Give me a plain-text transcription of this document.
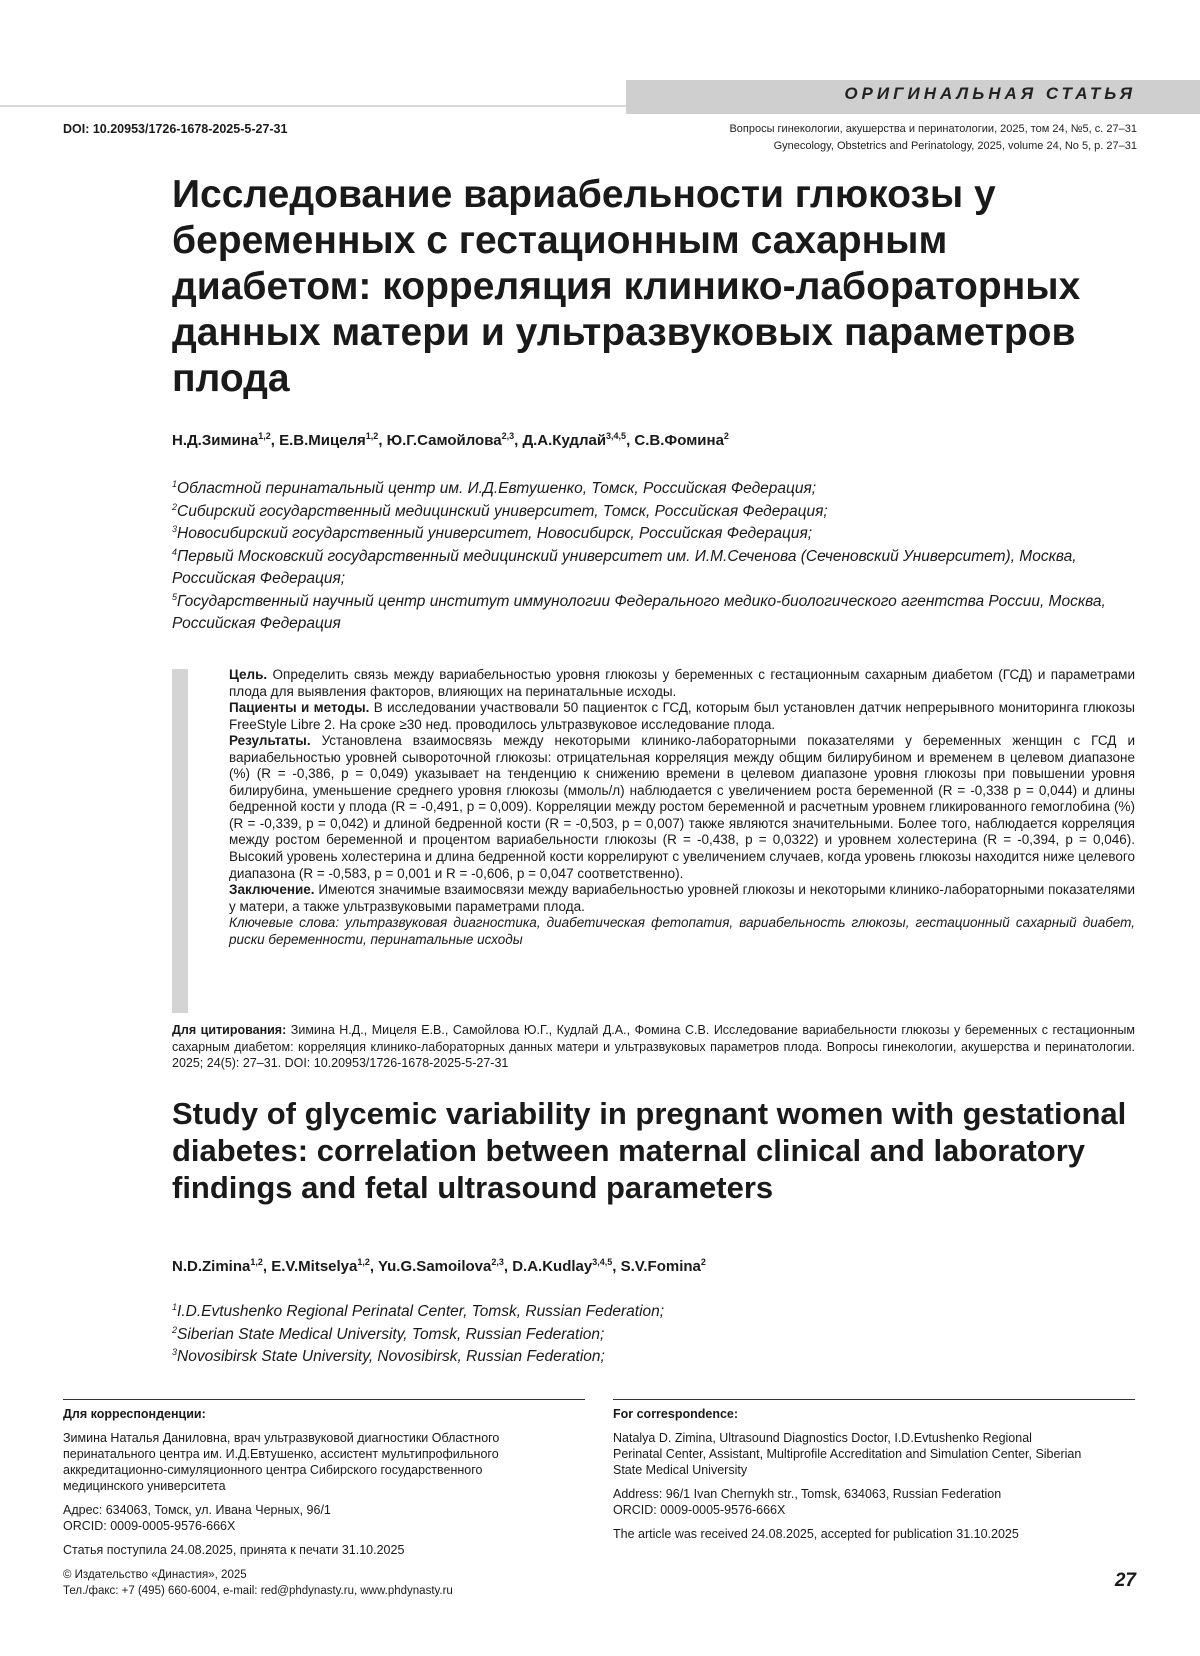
ОРИГИНАЛЬНАЯ СТАТЬЯ
DOI: 10.20953/1726-1678-2025-5-27-31	Вопросы гинекологии, акушерства и перинатологии, 2025, том 24, №5, с. 27–31
Gynecology, Obstetrics and Perinatology, 2025, volume 24, No 5, p. 27–31
Исследование вариабельности глюкозы у беременных с гестационным сахарным диабетом: корреляция клинико-лабораторных данных матери и ультразвуковых параметров плода
Н.Д.Зимина$^{1,2}$, Е.В.Мицеля$^{1,2}$, Ю.Г.Самойлова$^{2,3}$, Д.А.Кудлай$^{3,4,5}$, С.В.Фомина$^2$

$^1$Областной перинатальный центр им. И.Д.Евтушенко, Томск, Российская Федерация;

$^2$Сибирский государственный медицинский университет, Томск, Российская Федерация;

$^3$Новосибирский государственный университет, Новосибирск, Российская Федерация;

$^4$Первый Московский государственный медицинский университет им. И.М.Сеченова (Сеченовский Университет), Москва, Российская Федерация;

$^5$Государственный научный центр институт иммунологии Федерального медико-биологического агентства России, Москва, Российская Федерация

Цель. Определить связь между вариабельностью уровня глюкозы у беременных с гестационным сахарным диабетом (ГСД) и параметрами плода для выявления факторов, влияющих на перинатальные исходы.

Пациенты и методы. В исследовании участвовали 50 пациенток с ГСД, которым был установлен датчик непрерывного мониторинга глюкозы FreeStyle Libre 2. На сроке ≥30 нед. проводилось ультразвуковое исследование плода.

Результаты. Установлена взаимосвязь между некоторыми клинико-лабораторными показателями у беременных женщин с ГСД и вариабельностью уровней сывороточной глюкозы: отрицательная корреляция между общим билирубином и временем в целевом диапазоне (%) (R = -0,386, p = 0,049) указывает на тенденцию к снижению времени в целевом диапазоне уровня глюкозы при повышении уровня билирубина, уменьшение среднего уровня глюкозы (ммоль/л) наблюдается с увеличением роста беременной (R = -0,338 p = 0,044) и длины бедренной кости у плода (R = -0,491, p = 0,009). Корреляции между ростом беременной и расчетным уровнем гликированного гемоглобина (%) (R = -0,339, p = 0,042) и длиной бедренной кости (R = -0,503, p = 0,007) также являются значительными. Более того, наблюдается корреляция между ростом беременной и процентом вариабельности глюкозы (R = -0,438, p = 0,0322) и уровнем холестерина (R = -0,394, p = 0,046). Высокий уровень холестерина и длина бедренной кости коррелируют с увеличением случаев, когда уровень глюкозы находится ниже целевого диапазона (R = -0,583, p = 0,001 и R = -0,606, p = 0,047 соответственно).

Заключение. Имеются значимые взаимосвязи между вариабельностью уровней глюкозы и некоторыми клинико-лабораторными показателями у матери, а также ультразвуковыми параметрами плода.

Ключевые слова: ультразвуковая диагностика, диабетическая фетопатия, вариабельность глюкозы, гестационный сахарный диабет, риски беременности, перинатальные исходы

Для цитирования: Зимина Н.Д., Мицеля Е.В., Самойлова Ю.Г., Кудлай Д.А., Фомина С.В. Исследование вариабельности глюкозы у беременных с гестационным сахарным диабетом: корреляция клинико-лабораторных данных матери и ультразвуковых параметров плода. Вопросы гинекологии, акушерства и перинатологии. 2025; 24(5): 27–31. DOI: 10.20953/1726-1678-2025-5-27-31
Study of glycemic variability in pregnant women with gestational diabetes: correlation between maternal clinical and laboratory findings and fetal ultrasound parameters
N.D.Zimina$^{1,2}$, E.V.Mitselya$^{1,2}$, Yu.G.Samoilova$^{2,3}$, D.A.Kudlay$^{3,4,5}$, S.V.Fomina$^2$

$^1$I.D.Evtushenko Regional Perinatal Center, Tomsk, Russian Federation;

$^2$Siberian State Medical University, Tomsk, Russian Federation;

$^3$Novosibirsk State University, Novosibirsk, Russian Federation;

Для корреспонденции:

Зимина Наталья Даниловна, врач ультразвуковой диагностики Областного перинатального центра им. И.Д.Евтушенко, ассистент мультипрофильного аккредитационно-симуляционного центра Сибирского государственного медицинского университета

Адрес: 634063, Томск, ул. Ивана Черных, 96/1

ORCID: 0009-0005-9576-666X

Статья поступила 24.08.2025, принята к печати 31.10.2025
For correspondence:

Natalya D. Zimina, Ultrasound Diagnostics Doctor, I.D.Evtushenko Regional Perinatal Center, Assistant, Multiprofile Accreditation and Simulation Center, Siberian State Medical University

Address: 96/1 Ivan Chernykh str., Tomsk, 634063, Russian Federation

ORCID: 0009-0005-9576-666X

The article was received 24.08.2025, accepted for publication 31.10.2025
© Издательство «Династия», 2025
Тел./факс: +7 (495) 660-6004, e-mail: red@phdynasty.ru, www.phdynasty.ru	27
